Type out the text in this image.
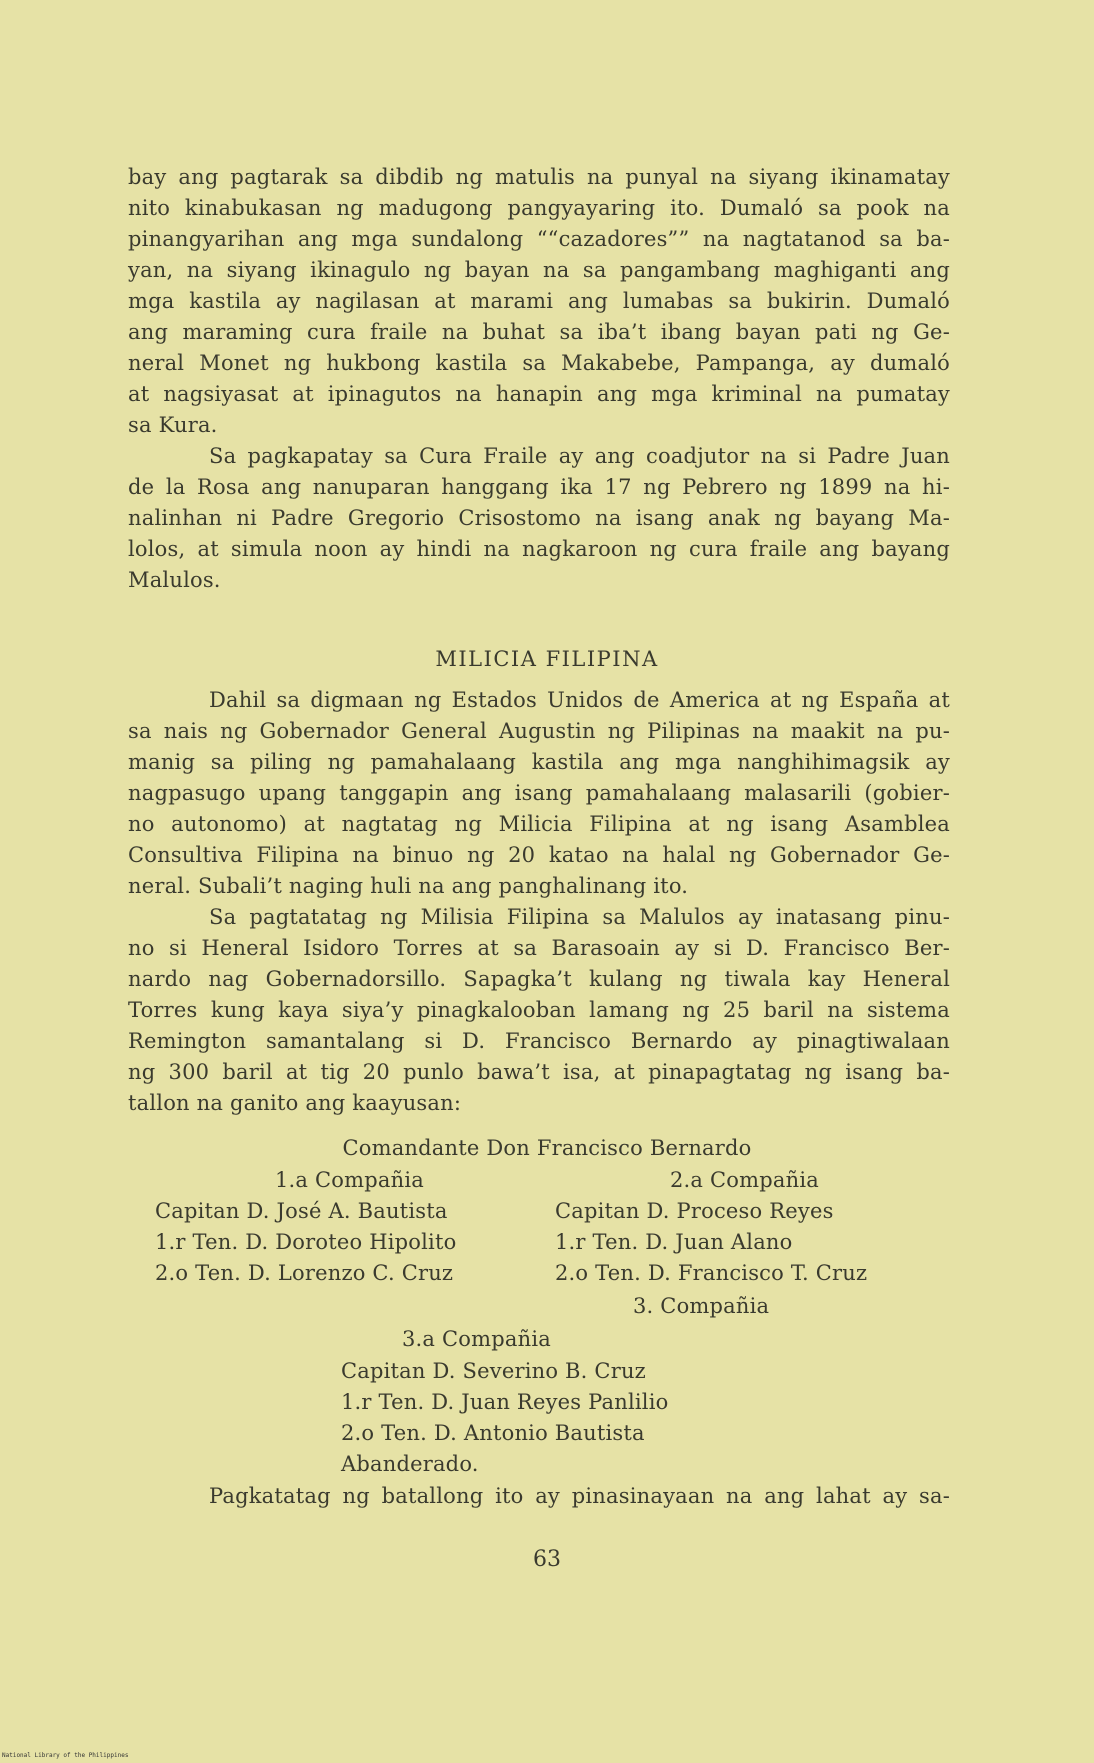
bay ang pagtarak sa dibdib ng matulis na punyal na siyang ikinamatay
nito kinabukasan ng madugong pangyayaring ito. Dumaló sa pook na
pinangyarihan ang mga sundalong ““cazadores”” na nagtatanod sa ba-
yan, na siyang ikinagulo ng bayan na sa pangambang maghiganti ang
mga kastila ay nagilasan at marami ang lumabas sa bukirin. Dumaló
ang maraming cura fraile na buhat sa iba’t ibang bayan pati ng Ge-
neral Monet ng hukbong kastila sa Makabebe, Pampanga, ay dumaló
at nagsiyasat at ipinagutos na hanapin ang mga kriminal na pumatay
sa Kura.
Sa pagkapatay sa Cura Fraile ay ang coadjutor na si Padre Juan
de la Rosa ang nanuparan hanggang ika 17 ng Pebrero ng 1899 na hi-
nalinhan ni Padre Gregorio Crisostomo na isang anak ng bayang Ma-
lolos, at simula noon ay hindi na nagkaroon ng cura fraile ang bayang
Malulos.
MILICIA FILIPINA
Dahil sa digmaan ng Estados Unidos de America at ng España at
sa nais ng Gobernador General Augustin ng Pilipinas na maakit na pu-
manig sa piling ng pamahalaang kastila ang mga nanghihimagsik ay
nagpasugo upang tanggapin ang isang pamahalaang malasarili (gobier-
no autonomo) at nagtatag ng Milicia Filipina at ng isang Asamblea
Consultiva Filipina na binuo ng 20 katao na halal ng Gobernador Ge-
neral. Subali’t naging huli na ang panghalinang ito.
Sa pagtatatag ng Milisia Filipina sa Malulos ay inatasang pinu-
no si Heneral Isidoro Torres at sa Barasoain ay si D. Francisco Ber-
nardo nag Gobernadorsillo. Sapagka’t kulang ng tiwala kay Heneral
Torres kung kaya siya’y pinagkalooban lamang ng 25 baril na sistema
Remington samantalang si D. Francisco Bernardo ay pinagtiwalaan
ng 300 baril at tig 20 punlo bawa’t isa, at pinapagtatag ng isang ba-
tallon na ganito ang kaayusan:
Comandante Don Francisco Bernardo
1.a Compañia
Capitan D. José A. Bautista
1.r Ten. D. Doroteo Hipolito
2.o Ten. D. Lorenzo C. Cruz
2.a Compañia
Capitan D. Proceso Reyes
1.r Ten. D. Juan Alano
2.o Ten. D. Francisco T. Cruz
3. Compañia
3.a Compañia
Capitan D. Severino B. Cruz
1.r Ten. D. Juan Reyes Panlilio
2.o Ten. D. Antonio Bautista
Abanderado.
Pagkatatag ng batallong ito ay pinasinayaan na ang lahat ay sa-
63
National Library of the Philippines
